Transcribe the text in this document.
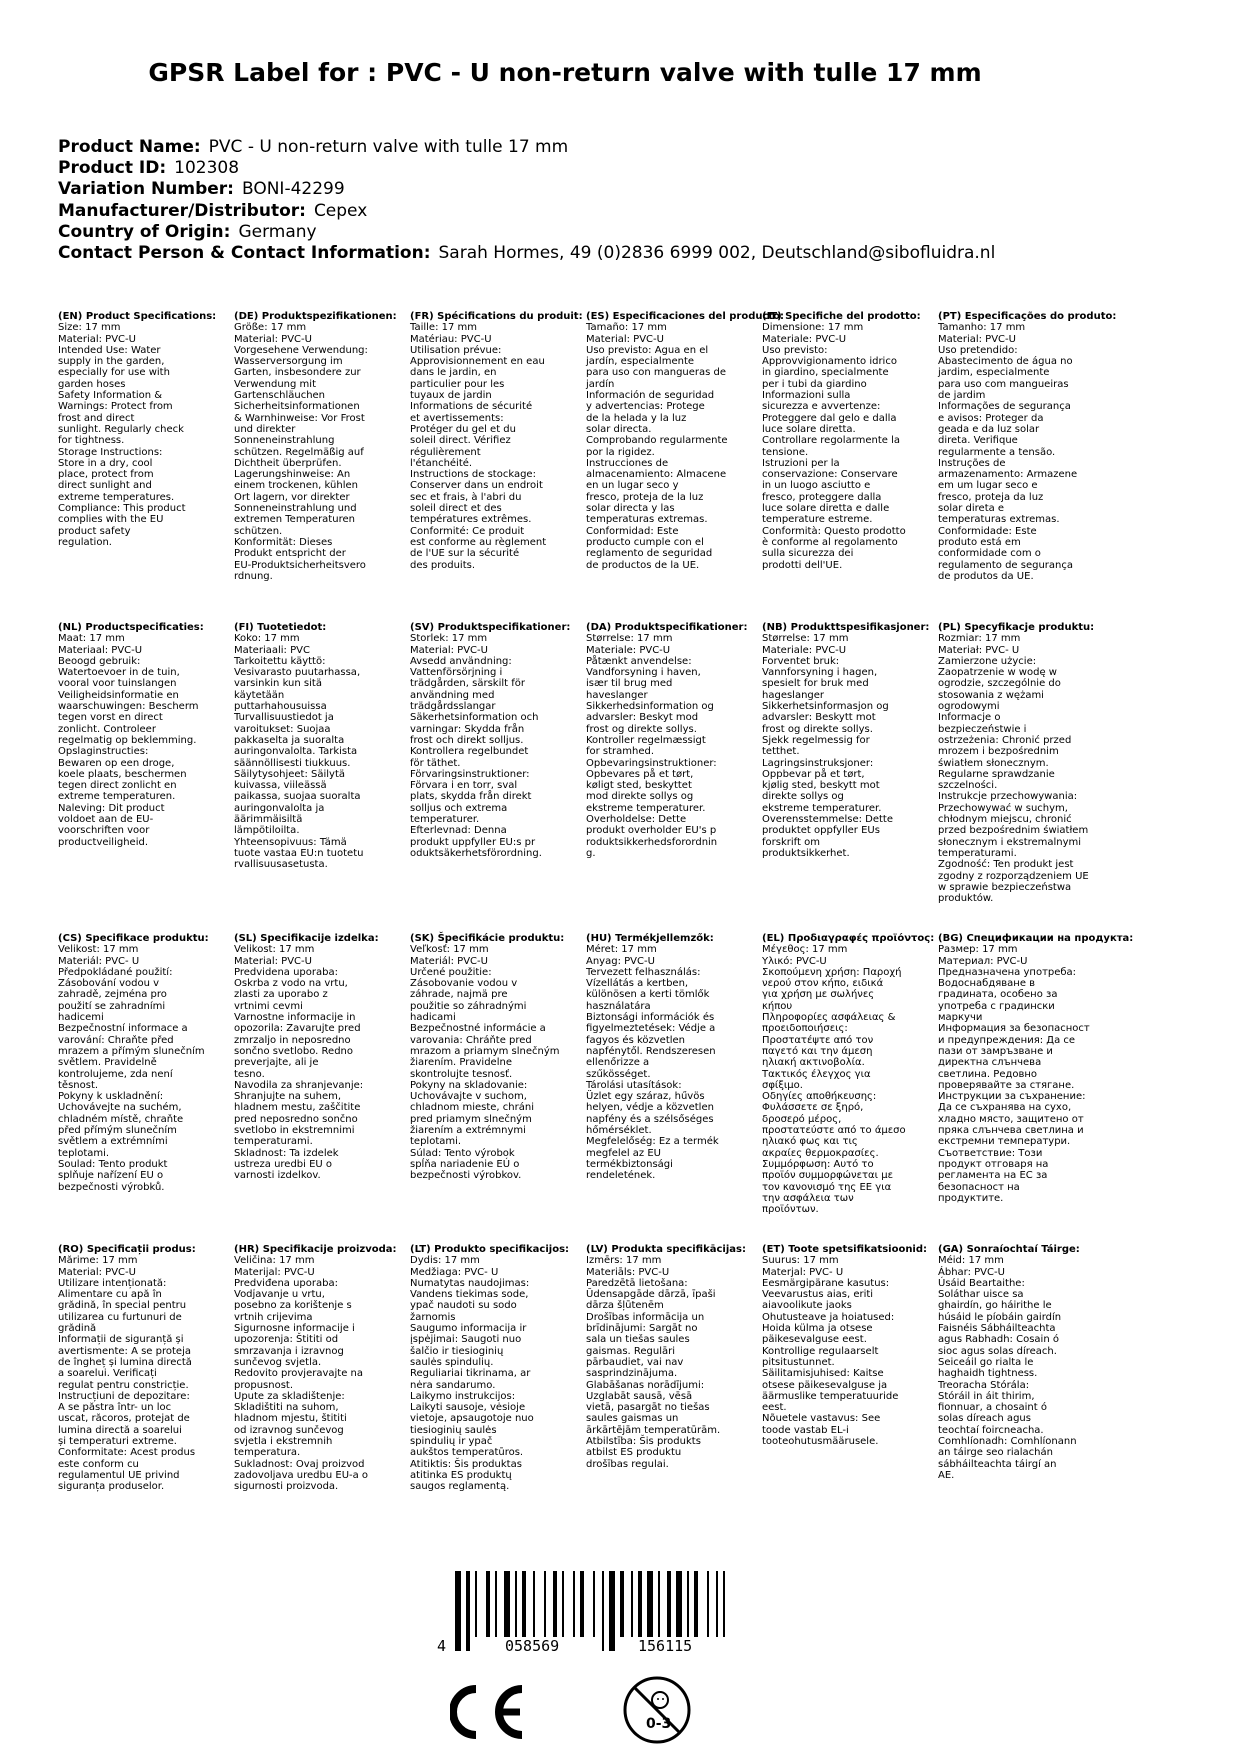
GPSR Label for : PVC - U non-return valve with tulle 17 mm
Product Name: PVC - U non-return valve with tulle 17 mm
Product ID: 102308
Variation Number: BONI-42299
Manufacturer/Distributor: Cepex
Country of Origin: Germany
Contact Person & Contact Information: Sarah Hormes, 49 (0)2836 6999 002, Deutschland@sibofluidra.nl
(EN) Product Specifications:
Size: 17 mm
Material: PVC-U
Intended Use: Water
supply in the garden,
especially for use with
garden hoses
Safety Information &
Warnings: Protect from
frost and direct
sunlight. Regularly check
for tightness.
Storage Instructions:
Store in a dry, cool
place, protect from
direct sunlight and
extreme temperatures.
Compliance: This product
complies with the EU
product safety
regulation.
(DE) Produktspezifikationen:
Größe: 17 mm
Material: PVC-U
Vorgesehene Verwendung:
Wasserversorgung im
Garten, insbesondere zur
Verwendung mit
Gartenschläuchen
Sicherheitsinformationen
& Warnhinweise: Vor Frost
und direkter
Sonneneinstrahlung
schützen. Regelmäßig auf
Dichtheit überprüfen.
Lagerungshinweise: An
einem trockenen, kühlen
Ort lagern, vor direkter
Sonneneinstrahlung und
extremen Temperaturen
schützen.
Konformität: Dieses
Produkt entspricht der
EU-Produktsicherheitsvero
rdnung.
(FR) Spécifications du produit:
Taille: 17 mm
Matériau: PVC-U
Utilisation prévue:
Approvisionnement en eau
dans le jardin, en
particulier pour les
tuyaux de jardin
Informations de sécurité
et avertissements:
Protéger du gel et du
soleil direct. Vérifiez
régulièrement
l'étanchéité.
Instructions de stockage:
Conserver dans un endroit
sec et frais, à l'abri du
soleil direct et des
températures extrêmes.
Conformité: Ce produit
est conforme au règlement
de l'UE sur la sécurité
des produits.
(ES) Especificaciones del producto:
Tamaño: 17 mm
Material: PVC-U
Uso previsto: Agua en el
jardín, especialmente
para uso con mangueras de
jardín
Información de seguridad
y advertencias: Protege
de la helada y la luz
solar directa.
Comprobando regularmente
por la rigidez.
Instrucciones de
almacenamiento: Almacene
en un lugar seco y
fresco, proteja de la luz
solar directa y las
temperaturas extremas.
Conformidad: Este
producto cumple con el
reglamento de seguridad
de productos de la UE.
(IT) Specifiche del prodotto:
Dimensione: 17 mm
Materiale: PVC-U
Uso previsto:
Approvvigionamento idrico
in giardino, specialmente
per i tubi da giardino
Informazioni sulla
sicurezza e avvertenze:
Proteggere dal gelo e dalla
luce solare diretta.
Controllare regolarmente la
tensione.
Istruzioni per la
conservazione: Conservare
in un luogo asciutto e
fresco, proteggere dalla
luce solare diretta e dalle
temperature estreme.
Conformità: Questo prodotto
è conforme al regolamento
sulla sicurezza dei
prodotti dell'UE.
(PT) Especificações do produto:
Tamanho: 17 mm
Material: PVC-U
Uso pretendido:
Abastecimento de água no
jardim, especialmente
para uso com mangueiras
de jardim
Informações de segurança
e avisos: Proteger da
geada e da luz solar
direta. Verifique
regularmente a tensão.
Instruções de
armazenamento: Armazene
em um lugar seco e
fresco, proteja da luz
solar direta e
temperaturas extremas.
Conformidade: Este
produto está em
conformidade com o
regulamento de segurança
de produtos da UE.
(NL) Productspecificaties:
Maat: 17 mm
Materiaal: PVC-U
Beoogd gebruik:
Watertoevoer in de tuin,
vooral voor tuinslangen
Veiligheidsinformatie en
waarschuwingen: Bescherm
tegen vorst en direct
zonlicht. Controleer
regelmatig op beklemming.
Opslaginstructies:
Bewaren op een droge,
koele plaats, beschermen
tegen direct zonlicht en
extreme temperaturen.
Naleving: Dit product
voldoet aan de EU-
voorschriften voor
productveiligheid.
(FI) Tuotetiedot:
Koko: 17 mm
Materiaali: PVC
Tarkoitettu käyttö:
Vesivarasto puutarhassa,
varsinkin kun sitä
käytetään
puttarhahousuissa
Turvallisuustiedot ja
varoitukset: Suojaa
pakkaselta ja suoralta
auringonvalolta. Tarkista
säännöllisesti tiukkuus.
Säilytysohjeet: Säilytä
kuivassa, viileässä
paikassa, suojaa suoralta
auringonvalolta ja
äärimmäisiltä
lämpötiloilta.
Yhteensopivuus: Tämä
tuote vastaa EU:n tuotetu
rvallisuusasetusta.
(SV) Produktspecifikationer:
Storlek: 17 mm
Material: PVC-U
Avsedd användning:
Vattenförsörjning i
trädgården, särskilt för
användning med
trädgårdsslangar
Säkerhetsinformation och
varningar: Skydda från
frost och direkt solljus.
Kontrollera regelbundet
för täthet.
Förvaringsinstruktioner:
Förvara i en torr, sval
plats, skydda från direkt
solljus och extrema
temperaturer.
Efterlevnad: Denna
produkt uppfyller EU:s pr
oduktsäkerhetsförordning.
(DA) Produktspecifikationer:
Størrelse: 17 mm
Materiale: PVC-U
Påtænkt anvendelse:
Vandforsyning i haven,
især til brug med
haveslanger
Sikkerhedsinformation og
advarsler: Beskyt mod
frost og direkte sollys.
Kontroller regelmæssigt
for stramhed.
Opbevaringsinstruktioner:
Opbevares på et tørt,
køligt sted, beskyttet
mod direkte sollys og
ekstreme temperaturer.
Overholdelse: Dette
produkt overholder EU's p
roduktsikkerhedsforordnin
g.
(NB) Produkttspesifikasjoner:
Størrelse: 17 mm
Materiale: PVC-U
Forventet bruk:
Vannforsyning i hagen,
spesielt for bruk med
hageslanger
Sikkerhetsinformasjon og
advarsler: Beskytt mot
frost og direkte sollys.
Sjekk regelmessig for
tetthet.
Lagringsinstruksjoner:
Oppbevar på et tørt,
kjølig sted, beskytt mot
direkte sollys og
ekstreme temperaturer.
Overensstemmelse: Dette
produktet oppfyller EUs
forskrift om
produktsikkerhet.
(PL) Specyfikacje produktu:
Rozmiar: 17 mm
Materiał: PVC- U
Zamierzone użycie:
Zaopatrzenie w wodę w
ogrodzie, szczególnie do
stosowania z wężami
ogrodowymi
Informacje o
bezpieczeństwie i
ostrzeżenia: Chronić przed
mrozem i bezpośrednim
światłem słonecznym.
Regularne sprawdzanie
szczelności.
Instrukcje przechowywania:
Przechowywać w suchym,
chłodnym miejscu, chronić
przed bezpośrednim światłem
słonecznym i ekstremalnymi
temperaturami.
Zgodność: Ten produkt jest
zgodny z rozporządzeniem UE
w sprawie bezpieczeństwa
produktów.
(CS) Specifikace produktu:
Velikost: 17 mm
Materiál: PVC- U
Předpokládané použití:
Zásobování vodou v
zahradě, zejména pro
použití se zahradními
hadicemi
Bezpečnostní informace a
varování: Chraňte před
mrazem a přímým slunečním
světlem. Pravidelně
kontrolujeme, zda není
těsnost.
Pokyny k uskladnění:
Uchovávejte na suchém,
chladném místě, chraňte
před přímým slunečním
světlem a extrémními
teplotami.
Soulad: Tento produkt
splňuje nařízení EU o
bezpečnosti výrobků.
(SL) Specifikacije izdelka:
Velikost: 17 mm
Material: PVC-U
Predvidena uporaba:
Oskrba z vodo na vrtu,
zlasti za uporabo z
vrtnimi cevmi
Varnostne informacije in
opozorila: Zavarujte pred
zmrzaljo in neposredno
sončno svetlobo. Redno
preverjajte, ali je
tesno.
Navodila za shranjevanje:
Shranjujte na suhem,
hladnem mestu, zaščitite
pred neposredno sončno
svetlobo in ekstremnimi
temperaturami.
Skladnost: Ta izdelek
ustreza uredbi EU o
varnosti izdelkov.
(SK) Špecifikácie produktu:
Veľkosť: 17 mm
Materiál: PVC-U
Určené použitie:
Zásobovanie vodou v
záhrade, najmä pre
použitie so záhradnými
hadicami
Bezpečnostné informácie a
varovania: Chráňte pred
mrazom a priamym slnečným
žiarením. Pravidelne
skontrolujte tesnosť.
Pokyny na skladovanie:
Uchovávajte v suchom,
chladnom mieste, chráni
pred priamym slnečným
žiarením a extrémnymi
teplotami.
Súlad: Tento výrobok
spĺňa nariadenie EÚ o
bezpečnosti výrobkov.
(HU) Termékjellemzők:
Méret: 17 mm
Anyag: PVC-U
Tervezett felhasználás:
Vízellátás a kertben,
különösen a kerti tömlők
használatára
Biztonsági információk és
figyelmeztetések: Védje a
fagyos és közvetlen
napfénytől. Rendszeresen
ellenőrizze a
szűkösséget.
Tárolási utasítások:
Üzlet egy száraz, hűvös
helyen, védje a közvetlen
napfény és a szélsőséges
hőmérséklet.
Megfelelőség: Ez a termék
megfelel az EU
termékbiztonsági
rendeletének.
(EL) Προδιαγραφές προϊόντος:
Μέγεθος: 17 mm
Υλικό: PVC-U
Σκοπούμενη χρήση: Παροχή
νερού στον κήπο, ειδικά
για χρήση με σωλήνες
κήπου
Πληροφορίες ασφάλειας &
προειδοποιήσεις:
Προστατέψτε από τον
παγετό και την άμεση
ηλιακή ακτινοβολία.
Τακτικός έλεγχος για
σφίξιμο.
Οδηγίες αποθήκευσης:
Φυλάσσετε σε ξηρό,
δροσερό μέρος,
προστατεύστε από το άμεσο
ηλιακό φως και τις
ακραίες θερμοκρασίες.
Συμμόρφωση: Αυτό το
προϊόν συμμορφώνεται με
τον κανονισμό της ΕΕ για
την ασφάλεια των
προϊόντων.
(BG) Спецификации на продукта:
Размер: 17 mm
Материал: PVC-U
Предназначена употреба:
Водоснабдяване в
градината, особено за
употреба с градински
маркучи
Информация за безопасност
и предупреждения: Да се
пази от замръзване и
директна слънчева
светлина. Редовно
проверявайте за стягане.
Инструкции за съхранение:
Да се съхранява на сухо,
хладно място, защитено от
пряка слънчева светлина и
екстремни температури.
Съответствие: Този
продукт отговаря на
регламента на ЕС за
безопасност на
продуктите.
(RO) Specificații produs:
Mărime: 17 mm
Material: PVC-U
Utilizare intenționată:
Alimentare cu apă în
grădină, în special pentru
utilizarea cu furtunuri de
grădină
Informații de siguranță și
avertismente: A se proteja
de îngheț și lumina directă
a soarelui. Verificați
regulat pentru constricție.
Instrucțiuni de depozitare:
A se păstra într- un loc
uscat, răcoros, protejat de
lumina directă a soarelui
și temperaturi extreme.
Conformitate: Acest produs
este conform cu
regulamentul UE privind
siguranța produselor.
(HR) Specifikacije proizvoda:
Veličina: 17 mm
Materijal: PVC-U
Predviđena uporaba:
Vodؘ‌javanje u vrtu,
posebno za korištenje s
vrtnih crijevima
Sigurnosne informacije i
upozorenja: Štititi od
smrzavanja i izravnog
sunčevog svjetla.
Redovito provjeravajte na
propusnost.
Upute za skladištenje:
Skladištiti na suhom,
hladnom mjestu, štititi
od izravnog sunčevog
svjetla i ekstremnih
temperatura.
Sukladnost: Ovaj proizvod
zadovoljava uredbu EU-a o
sigurnosti proizvoda.
(LT) Produkto specifikacijos:
Dydis: 17 mm
Medžiaga: PVC- U
Numatytas naudojimas:
Vandens tiekimas sode,
ypač naudoti su sodo
žarnomis
Saugumo informacija ir
įspėjimai: Saugoti nuo
šalčio ir tiesioginių
saulės spindulių.
Reguliariai tikrinama, ar
nėra sandarumo.
Laikymo instrukcijos:
Laikyti sausoje, vėsioje
vietoje, apsaugotoje nuo
tiesioginių saulės
spindulių ir ypač
aukštos temperatūros.
Atitiktis: Šis produktas
atitinka ES produktų
saugos reglamentą.
(LV) Produkta specifikācijas:
Izmērs: 17 mm
Materiāls: PVC-U
Paredzētā lietošana:
Ūdensapgāde dārzā, īpaši
dārza šļūtenēm
Drošības informācija un
brīdinājumi: Sargāt no
sala un tiešas saules
gaismas. Regulāri
pārbaudiet, vai nav
sasprindzinājuma.
Glabāšanas norādījumi:
Uzglabāt sausā, vēsā
vietā, pasargāt no tiešas
saules gaismas un
ārkārtējām temperatūrām.
Atbilstība: Šis produkts
atbilst ES produktu
drošības regulai.
(ET) Toote spetsifikatsioonid:
Suurus: 17 mm
Materjal: PVC- U
Eesmärgipärane kasutus:
Veevarustus aias, eriti
aiavoolikute jaoks
Ohutusteave ja hoiatused:
Hoida külma ja otsese
päikesevalguse eest.
Kontrollige regulaarselt
pitsitustunnet.
Säilitamisjuhised: Kaitse
otsese päikesevalguse ja
äärmuslike temperatuuride
eest.
Nõuetele vastavus: See
toode vastab EL-i
tooteohutusmäärusele.
(GA) Sonraíochtaí Táirge:
Méid: 17 mm
Ábhar: PVC-U
Úsáid Beartaithe:
Soláthar uisce sa
ghairdín, go háirithe le
húsáid le píobáin gairdín
Faisnéis Sábháilteachta
agus Rabhadh: Cosain ó
sioc agus solas díreach.
Seiceáil go rialta le
haghaidh tightness.
Treoracha Stórála:
Stóráil in áit thirim,
fionnuar, a chosaint ó
solas díreach agus
teochtaí foircneacha.
Comhlíonadh: Comhlíonann
an táirge seo rialachán
sábháilteachta táirgí an
AE.
4	058569	156115
0-3
